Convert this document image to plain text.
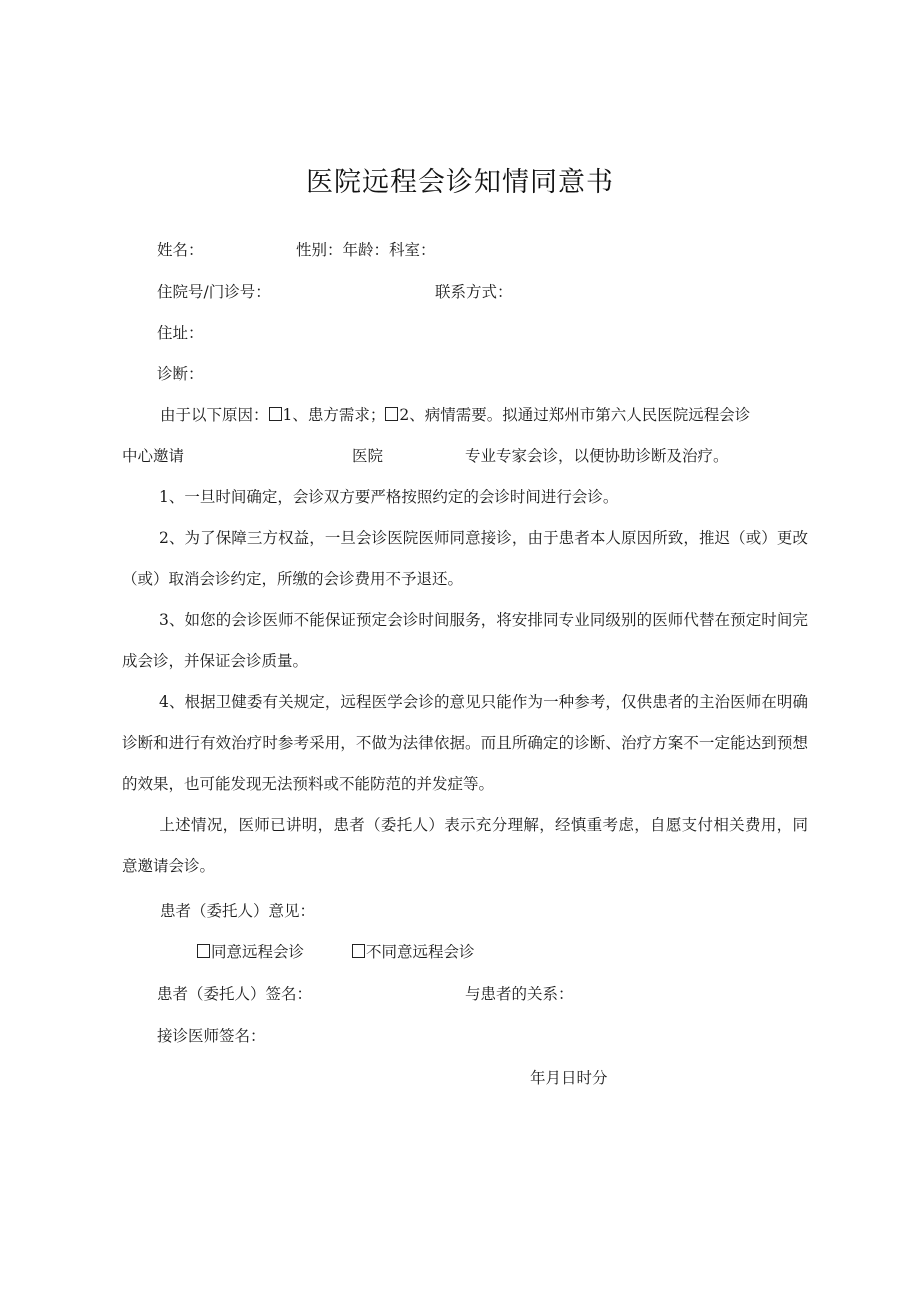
医院远程会诊知情同意书
姓名：	性别：年龄：科室：
住院号/门诊号：	联系方式：
住址：
诊断：
由于以下原因： 1、患方需求； 2、病情需要。拟通过郑州市第六人民医院远程会诊
中心邀请	医院	专业专家会诊，以便协助诊断及治疗。
1、一旦时间确定，会诊双方要严格按照约定的会诊时间进行会诊。
2、为了保障三方权益，一旦会诊医院医师同意接诊，由于患者本人原因所致，推迟（或）更改（或）取消会诊约定，所缴的会诊费用不予退还。
3、如您的会诊医师不能保证预定会诊时间服务，将安排同专业同级别的医师代替在预定时间完成会诊，并保证会诊质量。
4、根据卫健委有关规定，远程医学会诊的意见只能作为一种参考，仅供患者的主治医师在明确诊断和进行有效治疗时参考采用，不做为法律依据。而且所确定的诊断、治疗方案不一定能达到预想的效果，也可能发现无法预料或不能防范的并发症等。
上述情况，医师已讲明，患者（委托人）表示充分理解，经慎重考虑，自愿支付相关费用，同意邀请会诊。
患者（委托人）意见：
同意远程会诊	不同意远程会诊
患者（委托人）签名：	与患者的关系：
接诊医师签名：
年月日时分
